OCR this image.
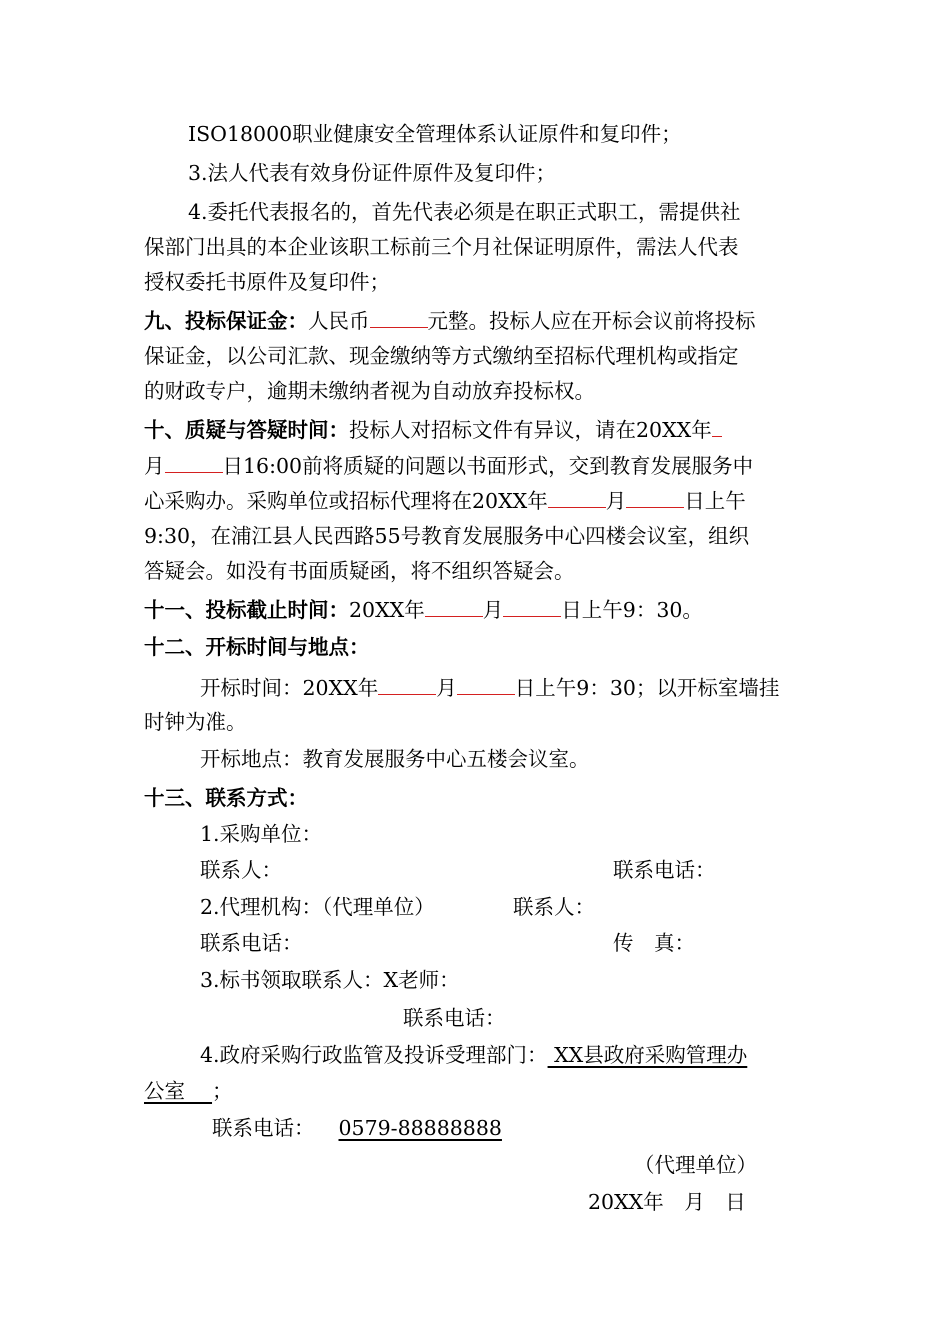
ISO18000职业健康安全管理体系认证原件和复印件；
3.法人代表有效身份证件原件及复印件；
4.委托代表报名的，首先代表必须是在职正式职工，需提供社
保部门出具的本企业该职工标前三个月社保证明原件，需法人代表
授权委托书原件及复印件；
九、投标保证金：人民币	元整。投标人应在开标会议前将投标
保证金，以公司汇款、现金缴纳等方式缴纳至招标代理机构或指定
的财政专户，逾期未缴纳者视为自动放弃投标权。
十、质疑与答疑时间：投标人对招标文件有异议，请在20XX年
月	日16:00前将质疑的问题以书面形式，交到教育发展服务中
心采购办。采购单位或招标代理将在20XX年	月	日上午
9:30，在浦江县人民西路55号教育发展服务中心四楼会议室，组织
答疑会。如没有书面质疑函，将不组织答疑会。
十一、投标截止时间：20XX年	月	日上午9：30。
十二、开标时间与地点：
开标时间：20XX年	月	日上午9：30；以开标室墙挂
时钟为准。
开标地点：教育发展服务中心五楼会议室。
十三、联系方式：
1.采购单位：
联系人：	联系电话：
2.代理机构：（代理单位）	联系人：
联系电话：	传　真：
3.标书领取联系人：X老师：
联系电话：
4.政府采购行政监管及投诉受理部门： XX县政府采购管理办
公室　 ；
联系电话： 0579-88888888
（代理单位）
20XX年　月　日
